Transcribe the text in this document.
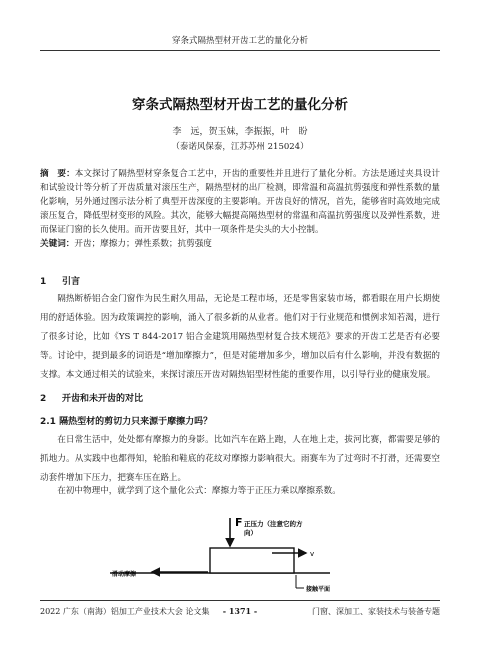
穿条式隔热型材开齿工艺的量化分析
穿条式隔热型材开齿工艺的量化分析
李　远，贺玉妹，李振振，叶　盼
（泰诺风保泰，江苏苏州 215024）
摘　要：本文探讨了隔热型材穿条复合工艺中，开齿的重要性并且进行了量化分析。方法是通过夹具设计和试验设计等分析了开齿质量对滚压生产，隔热型材的出厂检测，即常温和高温抗剪强度和弹性系数的量化影响，另外通过图示法分析了典型开齿深度的主要影响。开齿良好的情况，首先，能够省时高效地完成滚压复合，降低型材变形的风险。其次，能够大幅提高隔热型材的常温和高温抗剪强度以及弹性系数，进而保证门窗的长久使用。而开齿要且好，其中一项条件是尖头的大小控制。
关键词：开齿；摩擦力；弹性系数；抗剪强度
1 引言
隔热断桥铝合金门窗作为民生耐久用品，无论是工程市场，还是零售家装市场，都看眼在用户长期使用的舒适体验。因为政策调控的影响，涌入了很多新的从业者。他们对于行业规范和惯例求知若渴，进行了很多讨论，比如《YS T 844-2017 铝合金建筑用隔热型材复合技术规范》要求的开齿工艺是否有必要等。讨论中，提到最多的词语是“增加摩擦力”，但是对能增加多少，增加以后有什么影响，并没有数据的支撑。本文通过相关的试验来，来探讨滚压开齿对隔热铝型材性能的重要作用，以引导行业的健康发展。
2 开齿和未开齿的对比
2.1 隔热型材的剪切力只来源于摩擦力吗？
在日常生活中，处处都有摩擦力的身影。比如汽车在路上跑，人在地上走，拔河比赛，都需要足够的抓地力。从实践中也都得知，轮胎和鞋底的花纹对摩擦力影响很大。雨赛车为了过弯时不打滑，还需要空动套件增加下压力，把赛车压在路上。
在初中物理中，就学到了这个量化公式：摩擦力等于正压力乘以摩擦系数。
F 正压力（注意它的方
向）
v
滑动摩擦
接触平面
2022 广东（南海）铝加工产业技术大会 论文集	- 1371 -	门窗、深加工、家装技术与装备专题
